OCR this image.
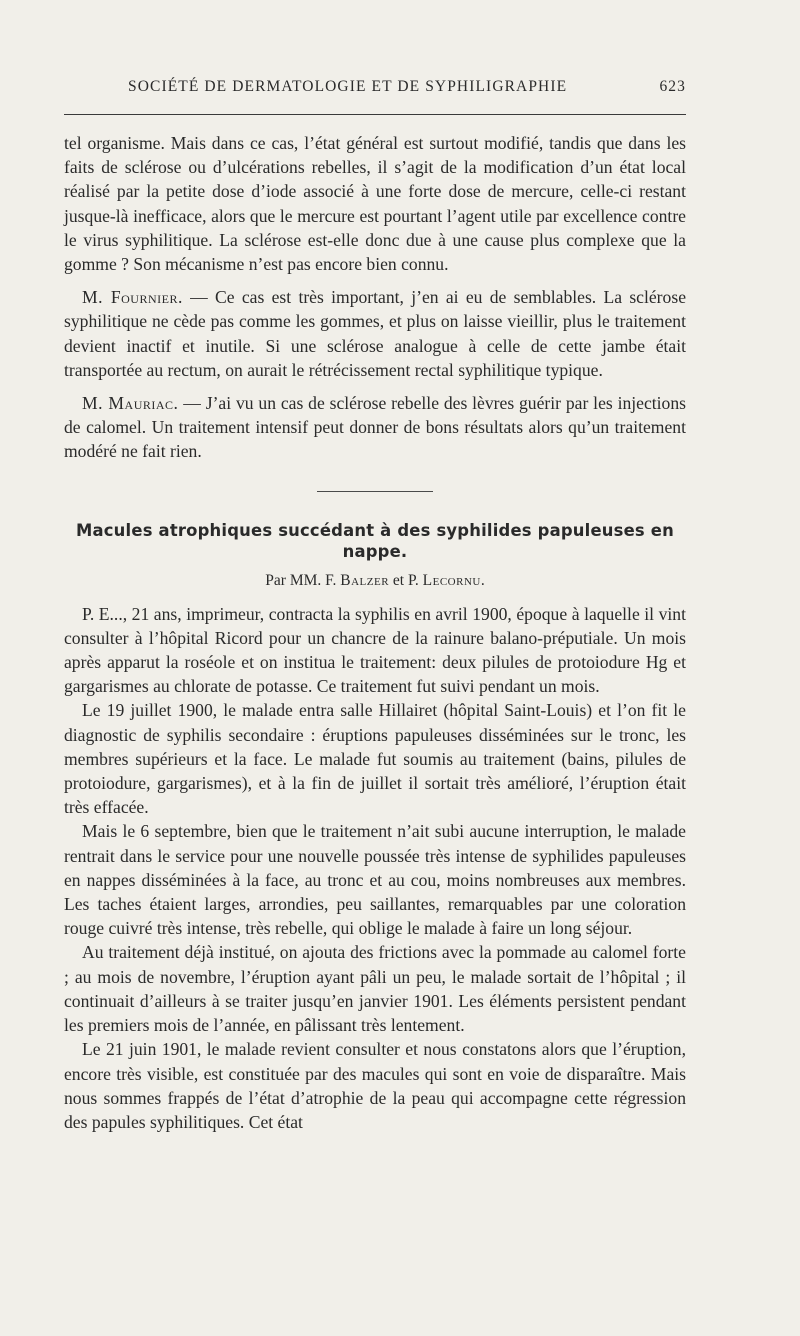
SOCIÉTÉ DE DERMATOLOGIE ET DE SYPHILIGRAPHIE	623

tel organisme. Mais dans ce cas, l’état général est surtout modifié, tandis que dans les faits de sclérose ou d’ulcérations rebelles, il s’agit de la modification d’un état local réalisé par la petite dose d’iode associé à une forte dose de mercure, celle-ci restant jusque-là inefficace, alors que le mercure est pourtant l’agent utile par excellence contre le virus syphilitique. La sclérose est-elle donc due à une cause plus complexe que la gomme ? Son mécanisme n’est pas encore bien connu.

M. Fournier. — Ce cas est très important, j’en ai eu de semblables. La sclérose syphilitique ne cède pas comme les gommes, et plus on laisse vieillir, plus le traitement devient inactif et inutile. Si une sclérose analogue à celle de cette jambe était transportée au rectum, on aurait le rétrécissement rectal syphilitique typique.

M. Mauriac. — J’ai vu un cas de sclérose rebelle des lèvres guérir par les injections de calomel. Un traitement intensif peut donner de bons résultats alors qu’un traitement modéré ne fait rien.

Macules atrophiques succédant à des syphilides papuleuses en nappe.
Par MM. F. Balzer et P. Lecornu.

P. E..., 21 ans, imprimeur, contracta la syphilis en avril 1900, époque à laquelle il vint consulter à l’hôpital Ricord pour un chancre de la rainure balano-préputiale. Un mois après apparut la roséole et on institua le traitement: deux pilules de protoiodure Hg et gargarismes au chlorate de potasse. Ce traitement fut suivi pendant un mois.

Le 19 juillet 1900, le malade entra salle Hillairet (hôpital Saint-Louis) et l’on fit le diagnostic de syphilis secondaire : éruptions papuleuses disséminées sur le tronc, les membres supérieurs et la face. Le malade fut soumis au traitement (bains, pilules de protoiodure, gargarismes), et à la fin de juillet il sortait très amélioré, l’éruption était très effacée.

Mais le 6 septembre, bien que le traitement n’ait subi aucune interruption, le malade rentrait dans le service pour une nouvelle poussée très intense de syphilides papuleuses en nappes disséminées à la face, au tronc et au cou, moins nombreuses aux membres. Les taches étaient larges, arrondies, peu saillantes, remarquables par une coloration rouge cuivré très intense, très rebelle, qui oblige le malade à faire un long séjour.

Au traitement déjà institué, on ajouta des frictions avec la pommade au calomel forte ; au mois de novembre, l’éruption ayant pâli un peu, le malade sortait de l’hôpital ; il continuait d’ailleurs à se traiter jusqu’en janvier 1901. Les éléments persistent pendant les premiers mois de l’année, en pâlissant très lentement.

Le 21 juin 1901, le malade revient consulter et nous constatons alors que l’éruption, encore très visible, est constituée par des macules qui sont en voie de disparaître. Mais nous sommes frappés de l’état d’atrophie de la peau qui accompagne cette régression des papules syphilitiques. Cet état
